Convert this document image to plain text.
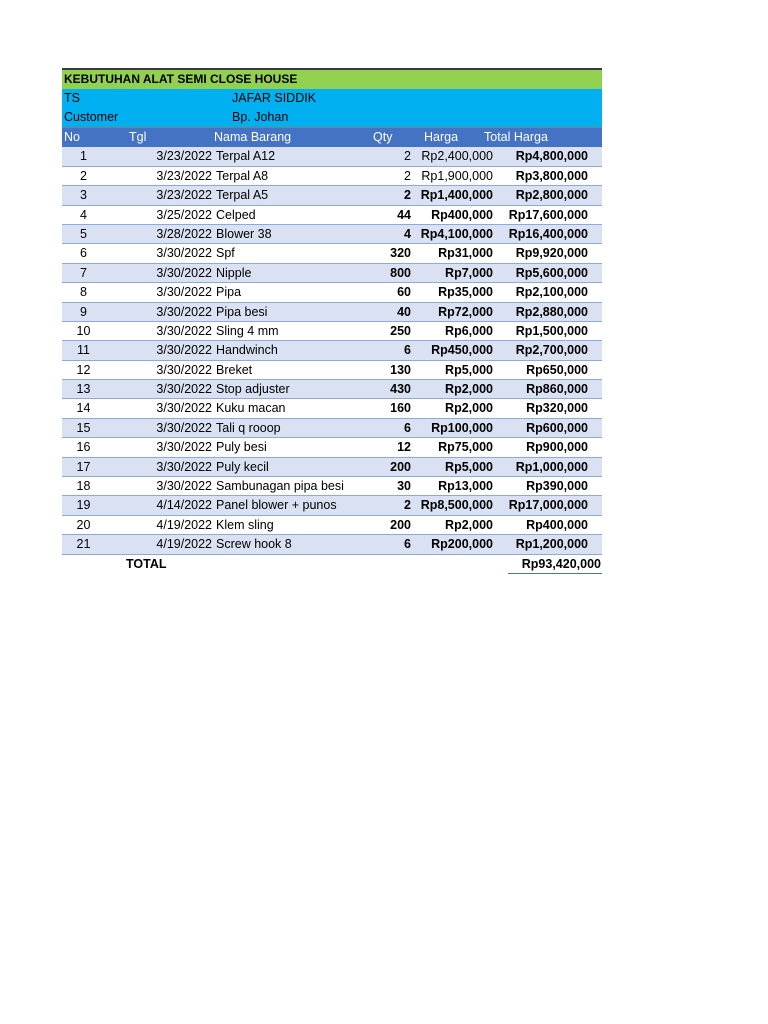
KEBUTUHAN ALAT SEMI CLOSE HOUSE
TS	JAFAR SIDDIK
Customer	Bp. Johan
No	Tgl	Nama Barang	Qty	Harga	Total Harga
1	3/23/2022 Terpal A12	2 Rp2,400,000	Rp4,800,000
2	3/23/2022 Terpal A8	2 Rp1,900,000	Rp3,800,000
3	3/23/2022 Terpal A5	2 Rp1,400,000	Rp2,800,000
4	3/25/2022 Celped	44	Rp400,000	Rp17,600,000
5	3/28/2022 Blower 38	4 Rp4,100,000	Rp16,400,000
6	3/30/2022 Spf	320	Rp31,000	Rp9,920,000
7	3/30/2022 Nipple	800	Rp7,000	Rp5,600,000
8	3/30/2022 Pipa	60	Rp35,000	Rp2,100,000
9	3/30/2022 Pipa besi	40	Rp72,000	Rp2,880,000
10	3/30/2022 Sling 4 mm	250	Rp6,000	Rp1,500,000
11	3/30/2022 Handwinch	6	Rp450,000	Rp2,700,000
12	3/30/2022 Breket	130	Rp5,000	Rp650,000
13	3/30/2022 Stop adjuster	430	Rp2,000	Rp860,000
14	3/30/2022 Kuku macan	160	Rp2,000	Rp320,000
15	3/30/2022 Tali q rooop	6	Rp100,000	Rp600,000
16	3/30/2022 Puly besi	12	Rp75,000	Rp900,000
17	3/30/2022 Puly kecil	200	Rp5,000	Rp1,000,000
18	3/30/2022 Sambunagan pipa besi	30	Rp13,000	Rp390,000
19	4/14/2022 Panel blower + punos	2 Rp8,500,000	Rp17,000,000
20	4/19/2022 Klem sling	200	Rp2,000	Rp400,000
21	4/19/2022 Screw hook 8	6	Rp200,000	Rp1,200,000
TOTAL	Rp93,420,000
